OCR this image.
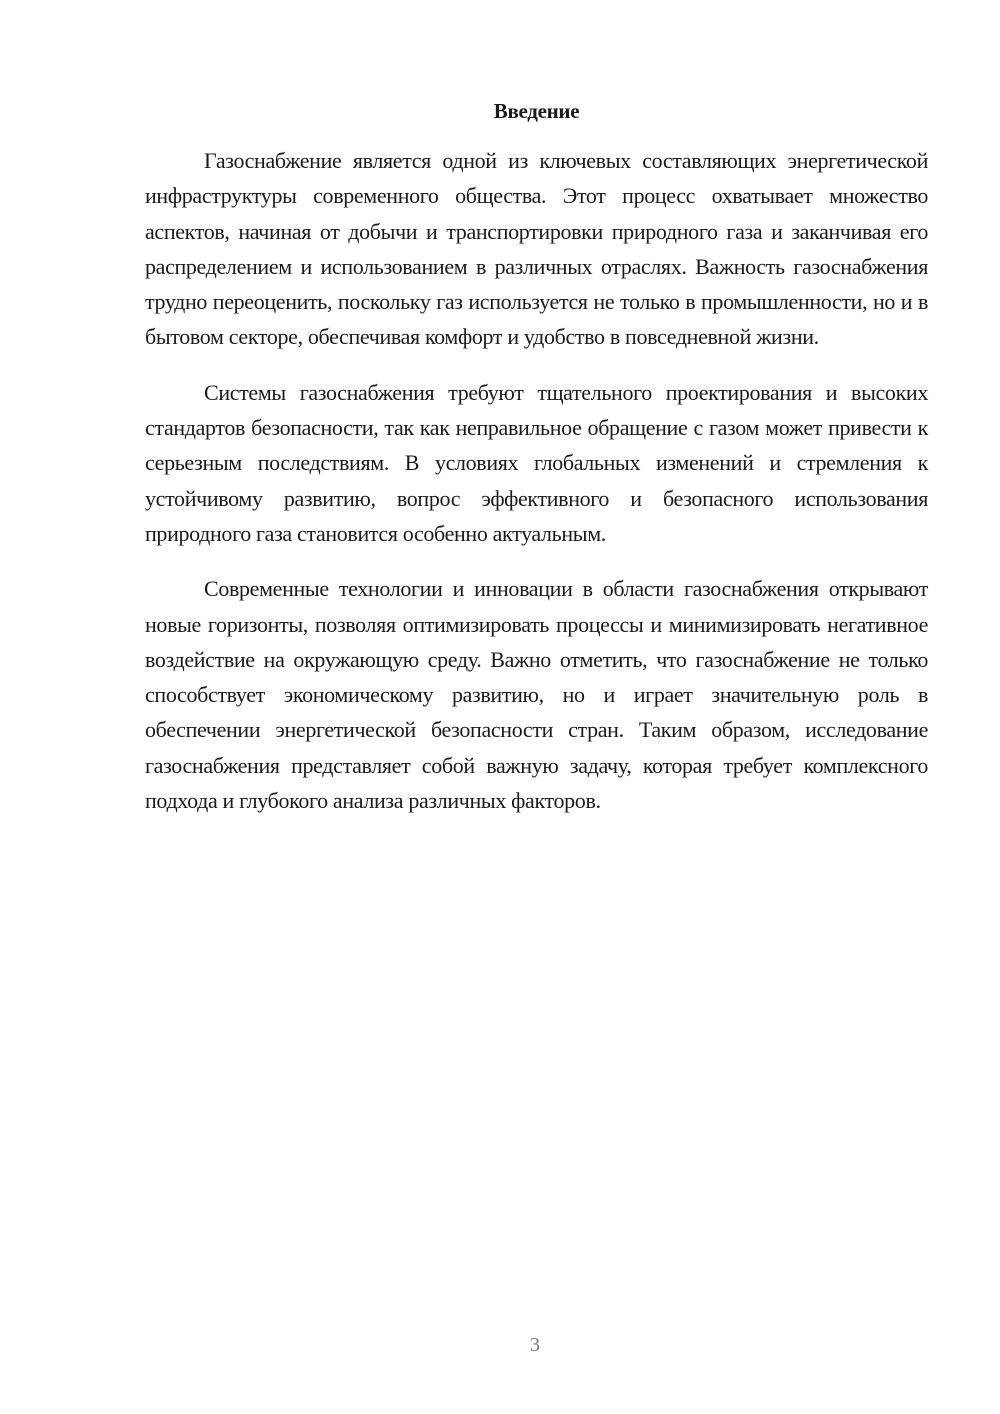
Введение

Газоснабжение является одной из ключевых составляющих энергетической инфраструктуры современного общества. Этот процесс охватывает множество аспектов, начиная от добычи и транспортировки природного газа и заканчивая его распределением и использованием в различных отраслях. Важность газоснабжения трудно переоценить, поскольку газ используется не только в промышленности, но и в бытовом секторе, обеспечивая комфорт и удобство в повседневной жизни.

Системы газоснабжения требуют тщательного проектирования и высоких стандартов безопасности, так как неправильное обращение с газом может привести к серьезным последствиям. В условиях глобальных изменений и стремления к устойчивому развитию, вопрос эффективного и безопасного использования природного газа становится особенно актуальным.

Современные технологии и инновации в области газоснабжения открывают новые горизонты, позволяя оптимизировать процессы и минимизировать негативное воздействие на окружающую среду. Важно отметить, что газоснабжение не только способствует экономическому развитию, но и играет значительную роль в обеспечении энергетической безопасности стран. Таким образом, исследование газоснабжения представляет собой важную задачу, которая требует комплексного подхода и глубокого анализа различных факторов.

3
